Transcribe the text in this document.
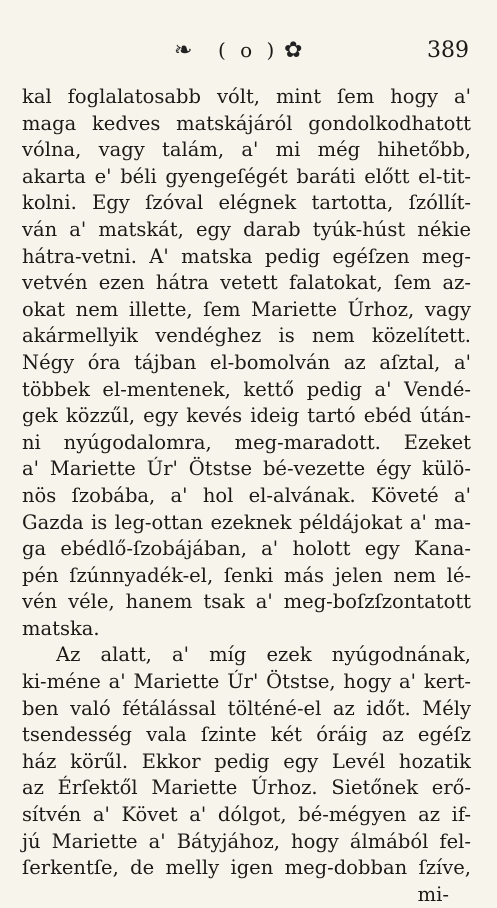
❧ ( o ) ✿	389
kal foglalatosabb vólt, mint ſem hogy a'
maga kedves matskájáról gondolkodhatott
vólna, vagy talám, a' mi még hihetőbb,
akarta e' béli gyengeſégét baráti előtt el-tit-
kolni. Egy ſzóval elégnek tartotta, ſzóllít-
ván a' matskát, egy darab tyúk-húst nékie
hátra-vetni. A' matska pedig egéſzen meg-
vetvén ezen hátra vetett falatokat, ſem az-
okat nem illette, ſem Mariette Úrhoz, vagy
akármellyik vendéghez is nem közelített.
Négy óra tájban el-bomolván az aſztal, a'
többek el-mentenek, kettő pedig a' Vendé-
gek közzűl, egy kevés ideig tartó ebéd útán-
ni nyúgodalomra, meg-maradott. Ezeket
a' Mariette Úr' Ötstse bé-vezette égy külö-
nös ſzobába, a' hol el-alvának. Követé a'
Gazda is leg-ottan ezeknek példájokat a' ma-
ga ebédlő-ſzobájában, a' holott egy Kana-
pén ſzúnnyadék-el, ſenki más jelen nem lé-
vén véle, hanem tsak a' meg-boſzſzontatott
matska.
Az alatt, a' míg ezek nyúgodnának,
ki-méne a' Mariette Úr' Ötstse, hogy a' kert-
ben való fétálással tölténé-el az időt. Mély
tsendesség vala ſzinte két óráig az egéſz
ház körűl. Ekkor pedig egy Levél hozatik
az Érſektől Mariette Úrhoz. Sietőnek erő-
sítvén a' Követ a' dólgot, bé-mégyen az if-
jú Mariette a' Bátyjához, hogy álmából fel-
ſerkentſe, de melly igen meg-dobban ſzíve,
mi-
